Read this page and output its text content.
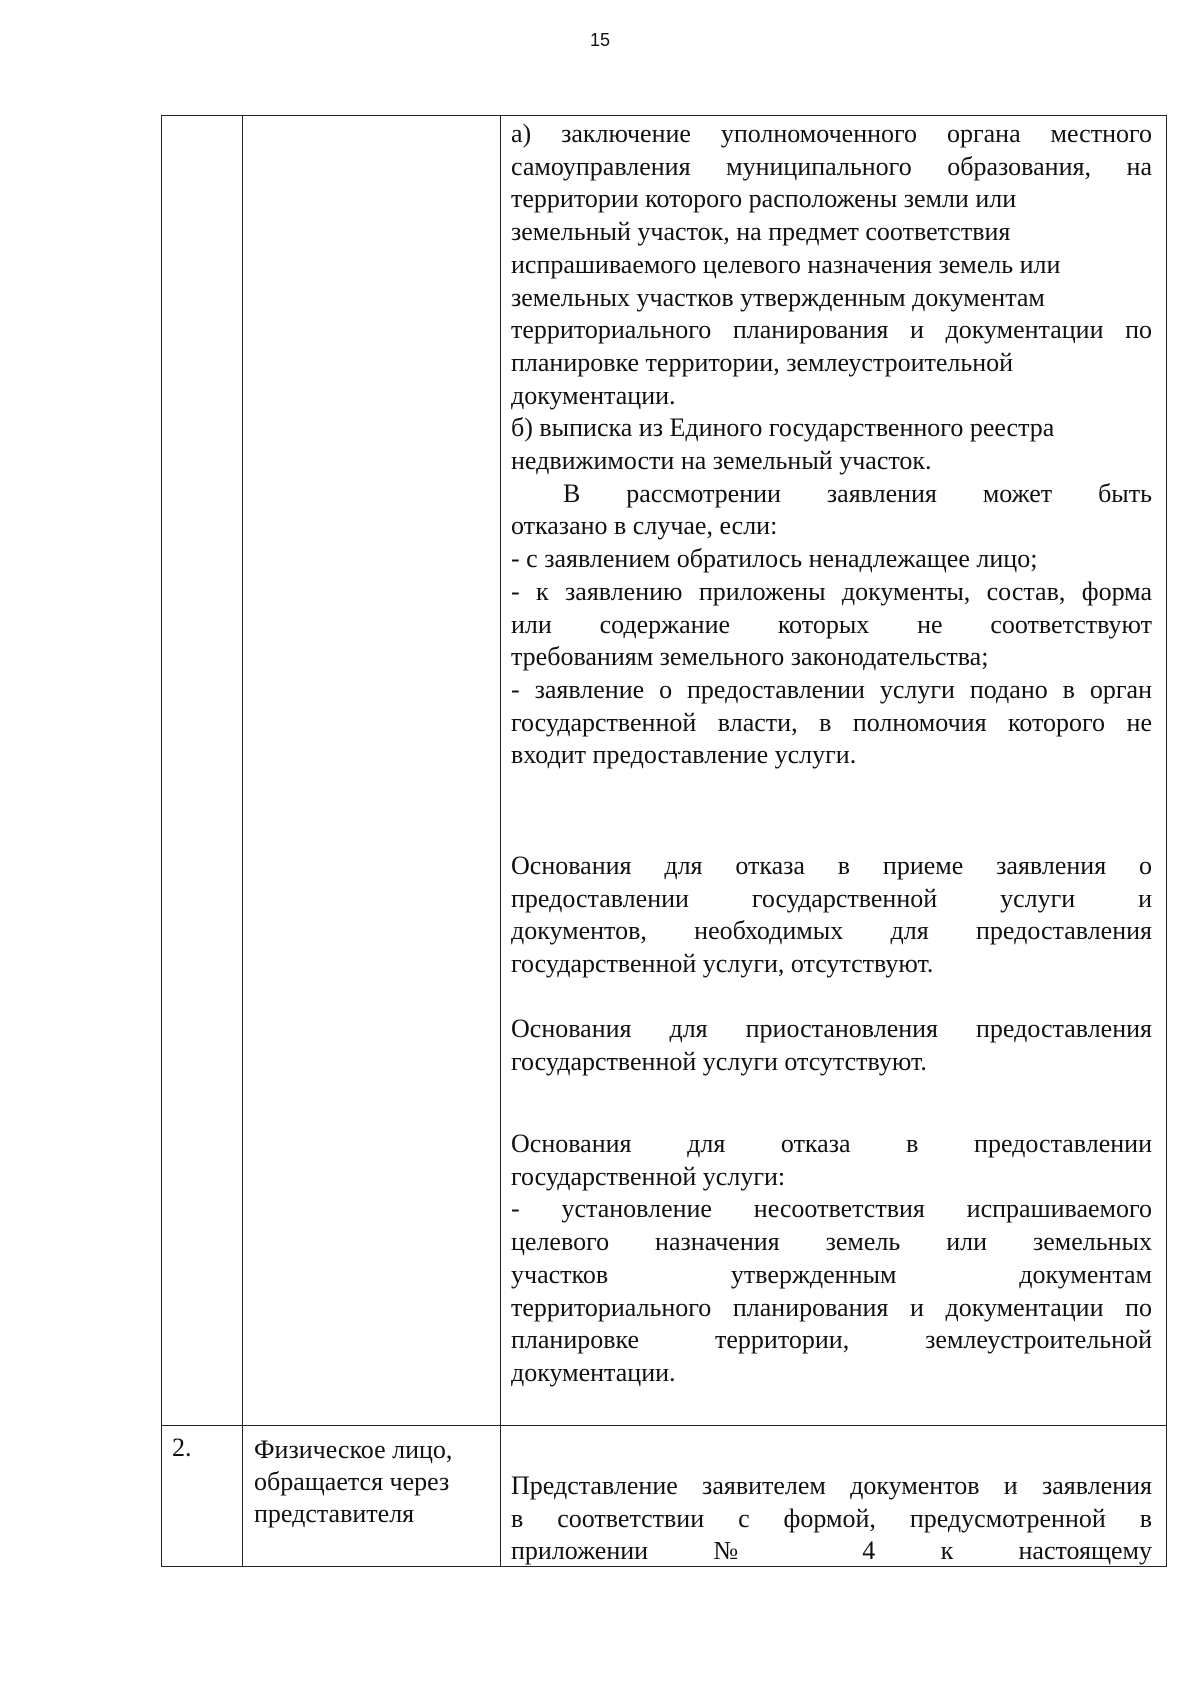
15

а) заключение уполномоченного органа местного

самоуправления муниципального образования, на

территории которого расположены земли или

земельный участок, на предмет соответствия

испрашиваемого целевого назначения земель или

земельных участков утвержденным документам

территориального планирования и документации по

планировке территории, землеустроительной

документации.

б) выписка из Единого государственного реестра

недвижимости на земельный участок.

В рассмотрении заявления может быть

отказано в случае, если:

- с заявлением обратилось ненадлежащее лицо;

- к заявлению приложены документы, состав, форма

или содержание которых не соответствуют

требованиям земельного законодательства;

- заявление о предоставлении услуги подано в орган

государственной власти, в полномочия которого не

входит предоставление услуги.

Основания для отказа в приеме заявления о

предоставлении государственной услуги и

документов, необходимых для предоставления

государственной услуги, отсутствуют.

Основания для приостановления предоставления

государственной услуги отсутствуют.

Основания для отказа в предоставлении

государственной услуги:

- установление несоответствия испрашиваемого

целевого назначения земель или земельных

участков утвержденным документам

территориального планирования и документации по

планировке территории, землеустроительной

документации.

2. Физическое лицо, обращается через представителя

Представление заявителем документов и заявления

в соответствии с формой, предусмотренной в

приложении № 4 к настоящему
